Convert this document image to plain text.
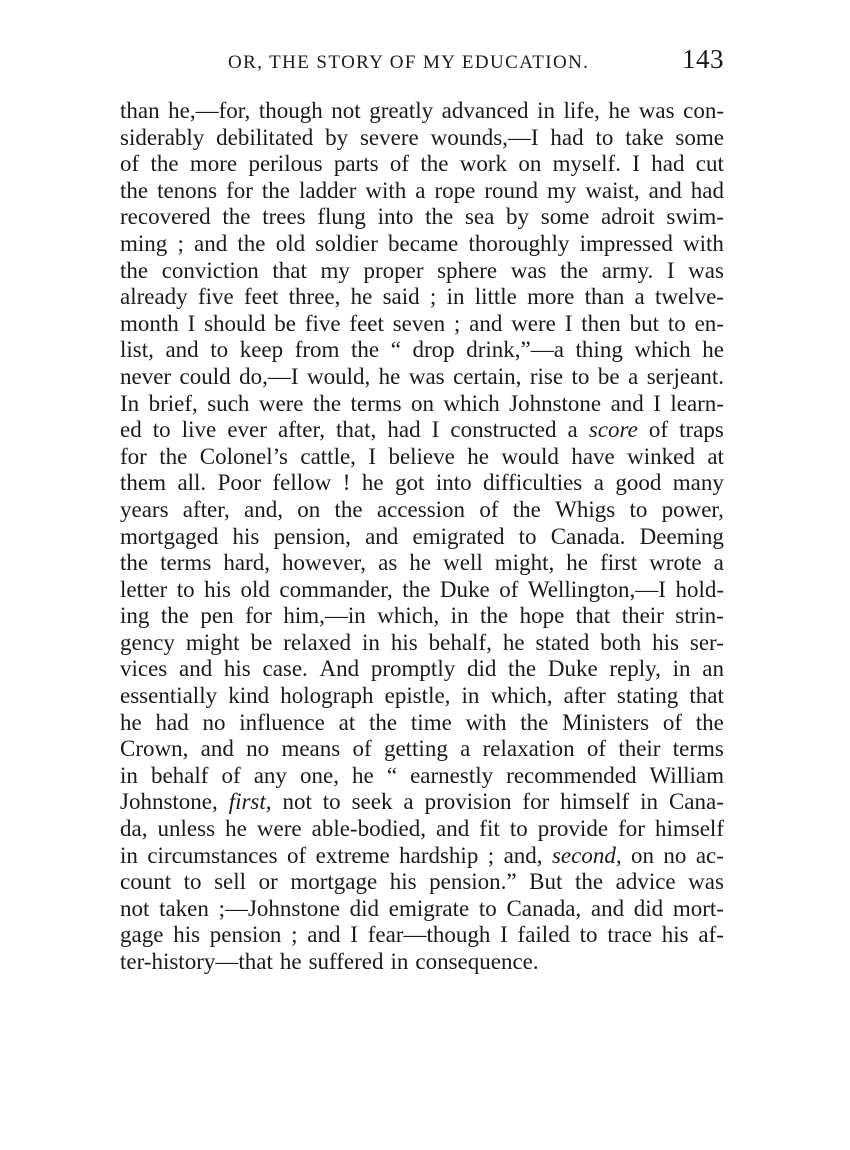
OR, THE STORY OF MY EDUCATION.	143
than he,—for, though not greatly advanced in life, he was con-
siderably debilitated by severe wounds,—I had to take some
of the more perilous parts of the work on myself. I had cut
the tenons for the ladder with a rope round my waist, and had
recovered the trees flung into the sea by some adroit swim-
ming ; and the old soldier became thoroughly impressed with
the conviction that my proper sphere was the army. I was
already five feet three, he said ; in little more than a twelve-
month I should be five feet seven ; and were I then but to en-
list, and to keep from the “ drop drink,”—a thing which he
never could do,—I would, he was certain, rise to be a serjeant.
In brief, such were the terms on which Johnstone and I learn-
ed to live ever after, that, had I constructed a score of traps
for the Colonel’s cattle, I believe he would have winked at
them all. Poor fellow ! he got into difficulties a good many
years after, and, on the accession of the Whigs to power,
mortgaged his pension, and emigrated to Canada. Deeming
the terms hard, however, as he well might, he first wrote a
letter to his old commander, the Duke of Wellington,—I hold-
ing the pen for him,—in which, in the hope that their strin-
gency might be relaxed in his behalf, he stated both his ser-
vices and his case. And promptly did the Duke reply, in an
essentially kind holograph epistle, in which, after stating that
he had no influence at the time with the Ministers of the
Crown, and no means of getting a relaxation of their terms
in behalf of any one, he “ earnestly recommended William
Johnstone, first, not to seek a provision for himself in Cana-
da, unless he were able-bodied, and fit to provide for himself
in circumstances of extreme hardship ; and, second, on no ac-
count to sell or mortgage his pension.” But the advice was
not taken ;—Johnstone did emigrate to Canada, and did mort-
gage his pension ; and I fear—though I failed to trace his af-
ter-history—that he suffered in consequence.
